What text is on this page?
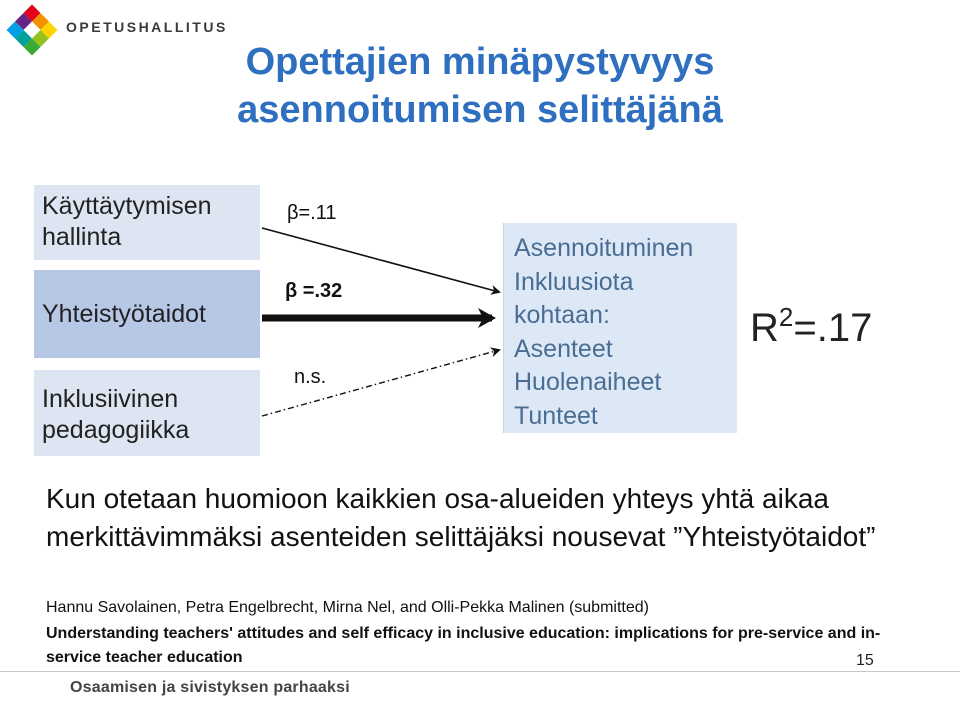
OPETUSHALLITUS
Opettajien minäpystyvyys
asennoitumisen selittäjänä
Käyttäytymisen hallinta
Yhteistyötaidot
Inklusiivinen pedagogiikka
β=.11
β =.32
n.s.
Asennoituminen
Inkluusiota
kohtaan:
Asenteet
Huolenaiheet
Tunteet
$R^2=.17$
Kun otetaan huomioon kaikkien osa-alueiden yhteys yhtä aikaa merkittävimmäksi asenteiden selittäjäksi nousevat ”Yhteistyötaidot”
Hannu Savolainen, Petra Engelbrecht, Mirna Nel, and Olli-Pekka Malinen (submitted)
Understanding teachers' attitudes and self efficacy in inclusive education: implications for pre-service and in-service teacher education	15
Osaamisen ja sivistyksen parhaaksi
